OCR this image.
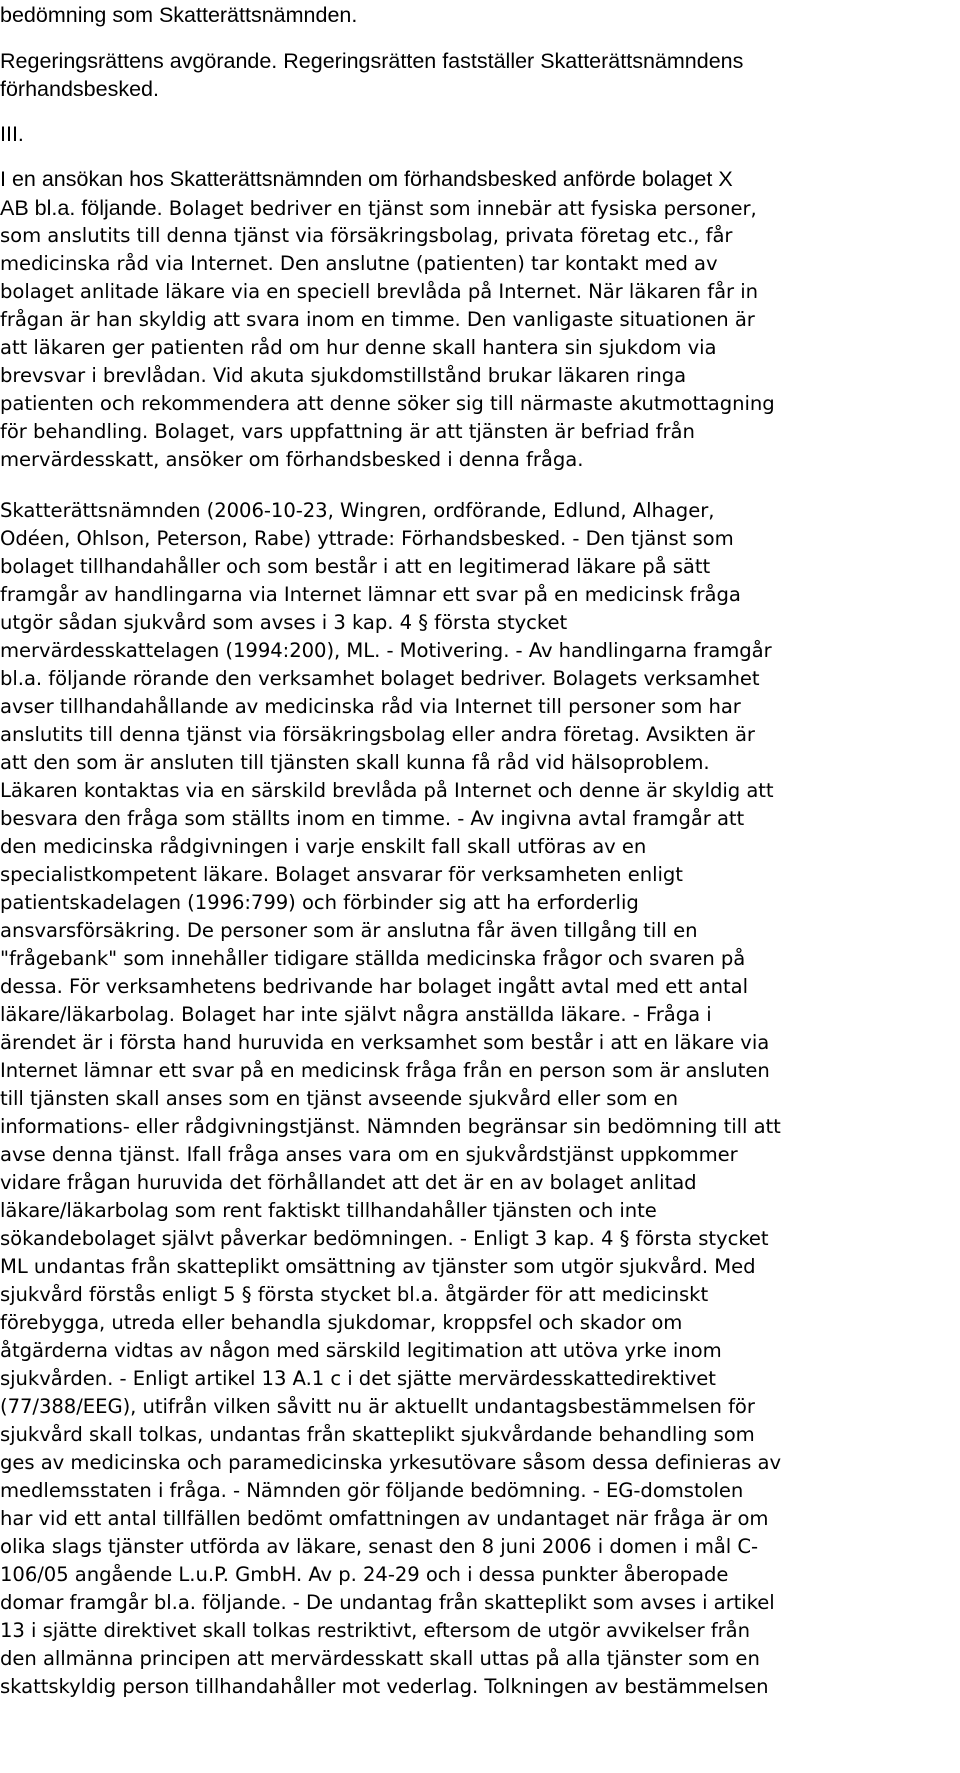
bedömning som Skatterättsnämnden.

Regeringsrättens avgörande. Regeringsrätten fastställer Skatterättsnämndens

förhandsbesked.

III.

I en ansökan hos Skatterättsnämnden om förhandsbesked anförde bolaget X

AB bl.a. följande. Bolaget bedriver en tjänst som innebär att fysiska personer,

som anslutits till denna tjänst via försäkringsbolag, privata företag etc., får

medicinska råd via Internet. Den anslutne (patienten) tar kontakt med av

bolaget anlitade läkare via en speciell brevlåda på Internet. När läkaren får in

frågan är han skyldig att svara inom en timme. Den vanligaste situationen är

att läkaren ger patienten råd om hur denne skall hantera sin sjukdom via

brevsvar i brevlådan. Vid akuta sjukdomstillstånd brukar läkaren ringa

patienten och rekommendera att denne söker sig till närmaste akutmottagning

för behandling. Bolaget, vars uppfattning är att tjänsten är befriad från

mervärdesskatt, ansöker om förhandsbesked i denna fråga.

Skatterättsnämnden (2006-10-23, Wingren, ordförande, Edlund, Alhager,

Odéen, Ohlson, Peterson, Rabe) yttrade: Förhandsbesked. - Den tjänst som

bolaget tillhandahåller och som består i att en legitimerad läkare på sätt

framgår av handlingarna via Internet lämnar ett svar på en medicinsk fråga

utgör sådan sjukvård som avses i 3 kap. 4 § första stycket

mervärdesskattelagen (1994:200), ML. - Motivering. - Av handlingarna framgår

bl.a. följande rörande den verksamhet bolaget bedriver. Bolagets verksamhet

avser tillhandahållande av medicinska råd via Internet till personer som har

anslutits till denna tjänst via försäkringsbolag eller andra företag. Avsikten är

att den som är ansluten till tjänsten skall kunna få råd vid hälsoproblem.

Läkaren kontaktas via en särskild brevlåda på Internet och denne är skyldig att

besvara den fråga som ställts inom en timme. - Av ingivna avtal framgår att

den medicinska rådgivningen i varje enskilt fall skall utföras av en

specialistkompetent läkare. Bolaget ansvarar för verksamheten enligt

patientskadelagen (1996:799) och förbinder sig att ha erforderlig

ansvarsförsäkring. De personer som är anslutna får även tillgång till en

"frågebank" som innehåller tidigare ställda medicinska frågor och svaren på

dessa. För verksamhetens bedrivande har bolaget ingått avtal med ett antal

läkare/läkarbolag. Bolaget har inte självt några anställda läkare. - Fråga i

ärendet är i första hand huruvida en verksamhet som består i att en läkare via

Internet lämnar ett svar på en medicinsk fråga från en person som är ansluten

till tjänsten skall anses som en tjänst avseende sjukvård eller som en

informations- eller rådgivningstjänst. Nämnden begränsar sin bedömning till att

avse denna tjänst. Ifall fråga anses vara om en sjukvårdstjänst uppkommer

vidare frågan huruvida det förhållandet att det är en av bolaget anlitad

läkare/läkarbolag som rent faktiskt tillhandahåller tjänsten och inte

sökandebolaget självt påverkar bedömningen. - Enligt 3 kap. 4 § första stycket

ML undantas från skatteplikt omsättning av tjänster som utgör sjukvård. Med

sjukvård förstås enligt 5 § första stycket bl.a. åtgärder för att medicinskt

förebygga, utreda eller behandla sjukdomar, kroppsfel och skador om

åtgärderna vidtas av någon med särskild legitimation att utöva yrke inom

sjukvården. - Enligt artikel 13 A.1 c i det sjätte mervärdesskattedirektivet

(77/388/EEG), utifrån vilken såvitt nu är aktuellt undantagsbestämmelsen för

sjukvård skall tolkas, undantas från skatteplikt sjukvårdande behandling som

ges av medicinska och paramedicinska yrkesutövare såsom dessa definieras av

medlemsstaten i fråga. - Nämnden gör följande bedömning. - EG-domstolen

har vid ett antal tillfällen bedömt omfattningen av undantaget när fråga är om

olika slags tjänster utförda av läkare, senast den 8 juni 2006 i domen i mål C-

106/05 angående L.u.P. GmbH. Av p. 24-29 och i dessa punkter åberopade

domar framgår bl.a. följande. - De undantag från skatteplikt som avses i artikel

13 i sjätte direktivet skall tolkas restriktivt, eftersom de utgör avvikelser från

den allmänna principen att mervärdesskatt skall uttas på alla tjänster som en

skattskyldig person tillhandahåller mot vederlag. Tolkningen av bestämmelsen
